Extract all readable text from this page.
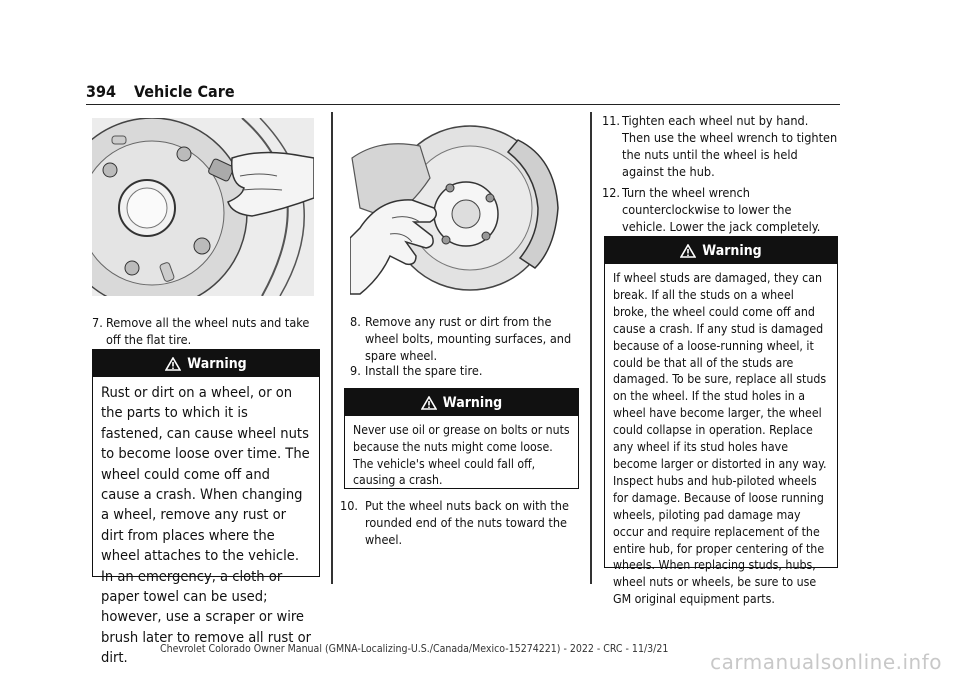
394 Vehicle Care
7. Remove all the wheel nuts and take off the flat tire.
Warning
Rust or dirt on a wheel, or on the parts to which it is fastened, can cause wheel nuts to become loose over time. The wheel could come off and cause a crash. When changing a wheel, remove any rust or dirt from places where the wheel attaches to the vehicle. In an emergency, a cloth or paper towel can be used; however, use a scraper or wire brush later to remove all rust or dirt.
8. Remove any rust or dirt from the wheel bolts, mounting surfaces, and spare wheel.
9. Install the spare tire.
Warning
Never use oil or grease on bolts or nuts because the nuts might come loose. The vehicle's wheel could fall off, causing a crash.
10. Put the wheel nuts back on with the rounded end of the nuts toward the wheel.
11. Tighten each wheel nut by hand. Then use the wheel wrench to tighten the nuts until the wheel is held against the hub.
12. Turn the wheel wrench counterclockwise to lower the vehicle. Lower the jack completely.
Warning
If wheel studs are damaged, they can break. If all the studs on a wheel broke, the wheel could come off and cause a crash. If any stud is damaged because of a loose-running wheel, it could be that all of the studs are damaged. To be sure, replace all studs on the wheel. If the stud holes in a wheel have become larger, the wheel could collapse in operation. Replace any wheel if its stud holes have become larger or distorted in any way. Inspect hubs and hub-piloted wheels for damage. Because of loose running wheels, piloting pad damage may occur and require replacement of the entire hub, for proper centering of the wheels. When replacing studs, hubs, wheel nuts or wheels, be sure to use GM original equipment parts.
Chevrolet Colorado Owner Manual (GMNA-Localizing-U.S./Canada/Mexico-15274221) - 2022 - CRC - 11/3/21
carmanualsonline.info
